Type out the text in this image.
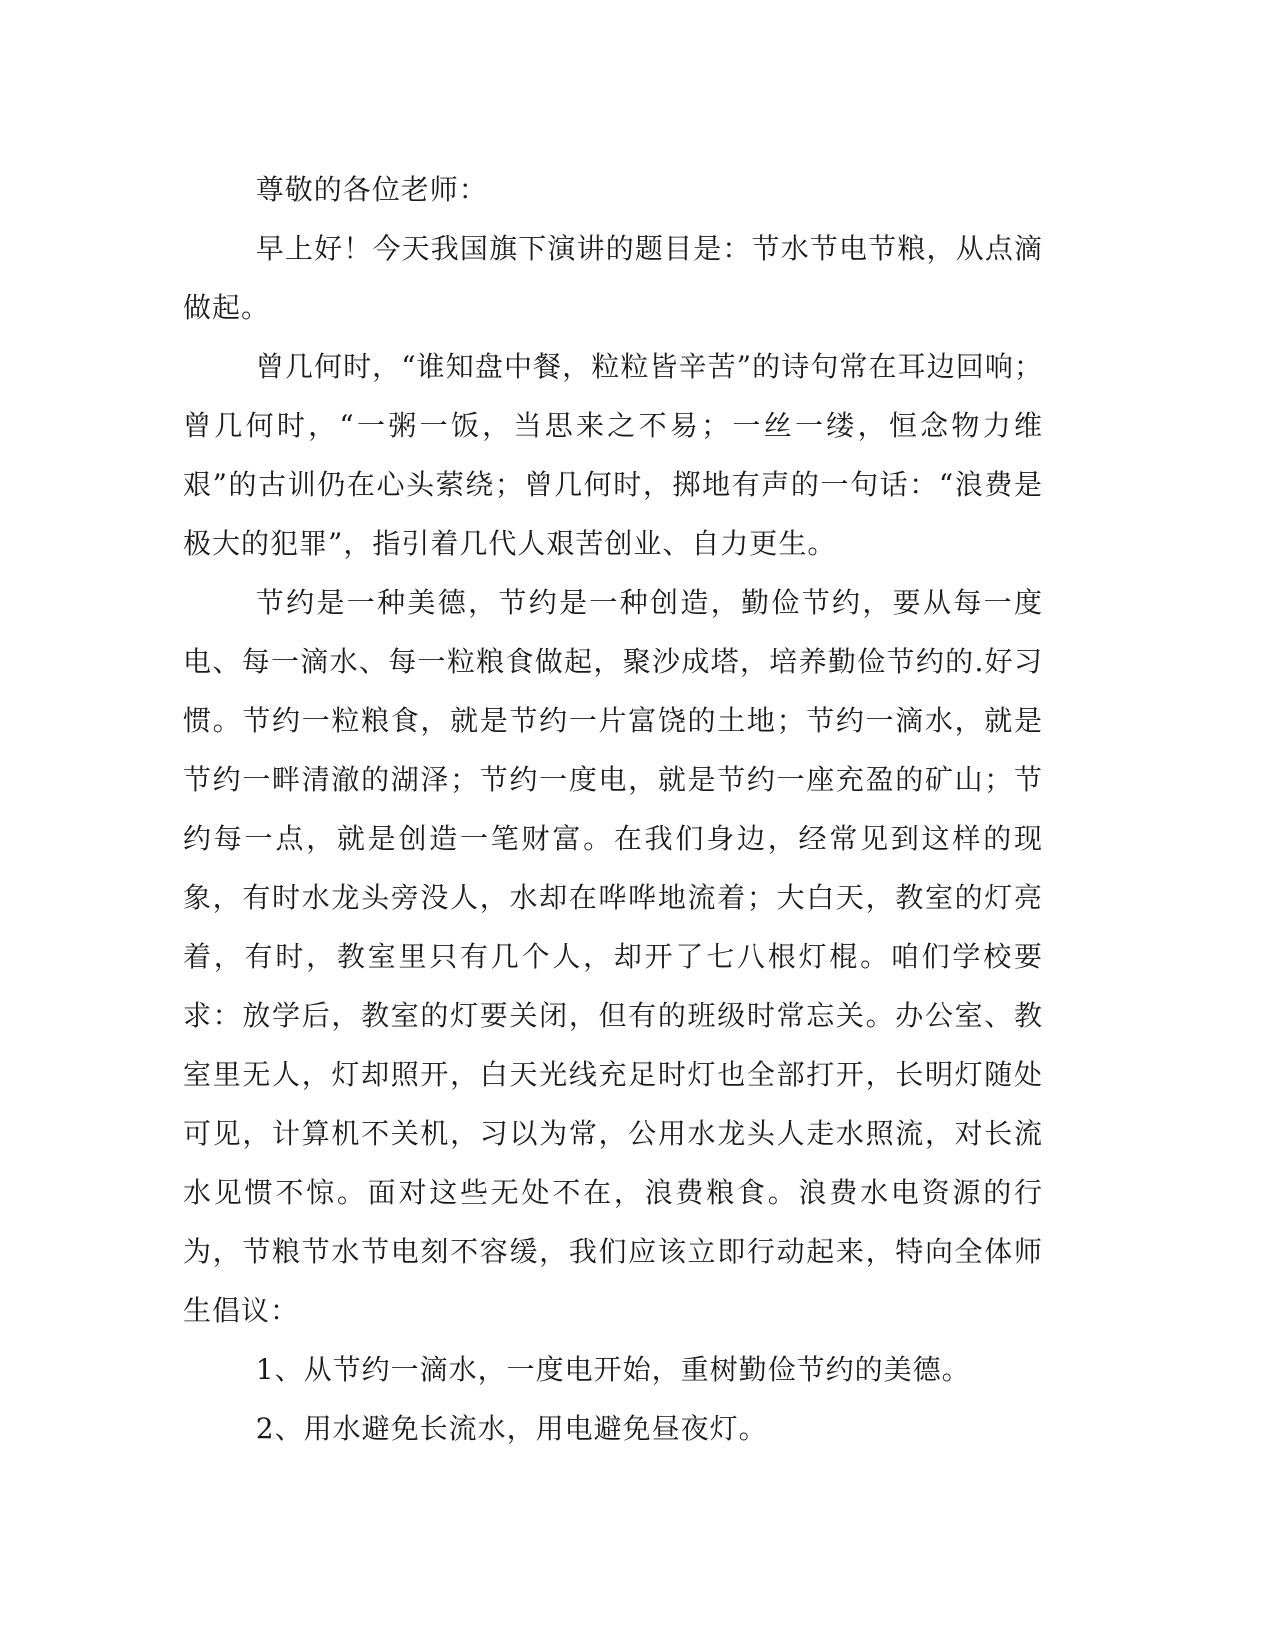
尊敬的各位老师：

早上好！今天我国旗下演讲的题目是：节水节电节粮，从点滴做起。

曾几何时，“谁知盘中餐，粒粒皆辛苦”的诗句常在耳边回响；曾几何时，“一粥一饭，当思来之不易；一丝一缕，恒念物力维艰”的古训仍在心头萦绕；曾几何时，掷地有声的一句话：“浪费是极大的犯罪”，指引着几代人艰苦创业、自力更生。

节约是一种美德，节约是一种创造，勤俭节约，要从每一度电、每一滴水、每一粒粮食做起，聚沙成塔，培养勤俭节约的.好习惯。节约一粒粮食，就是节约一片富饶的土地；节约一滴水，就是节约一畔清澈的湖泽；节约一度电，就是节约一座充盈的矿山；节约每一点，就是创造一笔财富。在我们身边，经常见到这样的现象，有时水龙头旁没人，水却在哗哗地流着；大白天，教室的灯亮着，有时，教室里只有几个人，却开了七八根灯棍。咱们学校要求：放学后，教室的灯要关闭，但有的班级时常忘关。办公室、教室里无人，灯却照开，白天光线充足时灯也全部打开，长明灯随处可见，计算机不关机，习以为常，公用水龙头人走水照流，对长流水见惯不惊。面对这些无处不在，浪费粮食。浪费水电资源的行为，节粮节水节电刻不容缓，我们应该立即行动起来，特向全体师生倡议：

1、从节约一滴水，一度电开始，重树勤俭节约的美德。

2、用水避免长流水，用电避免昼夜灯。
